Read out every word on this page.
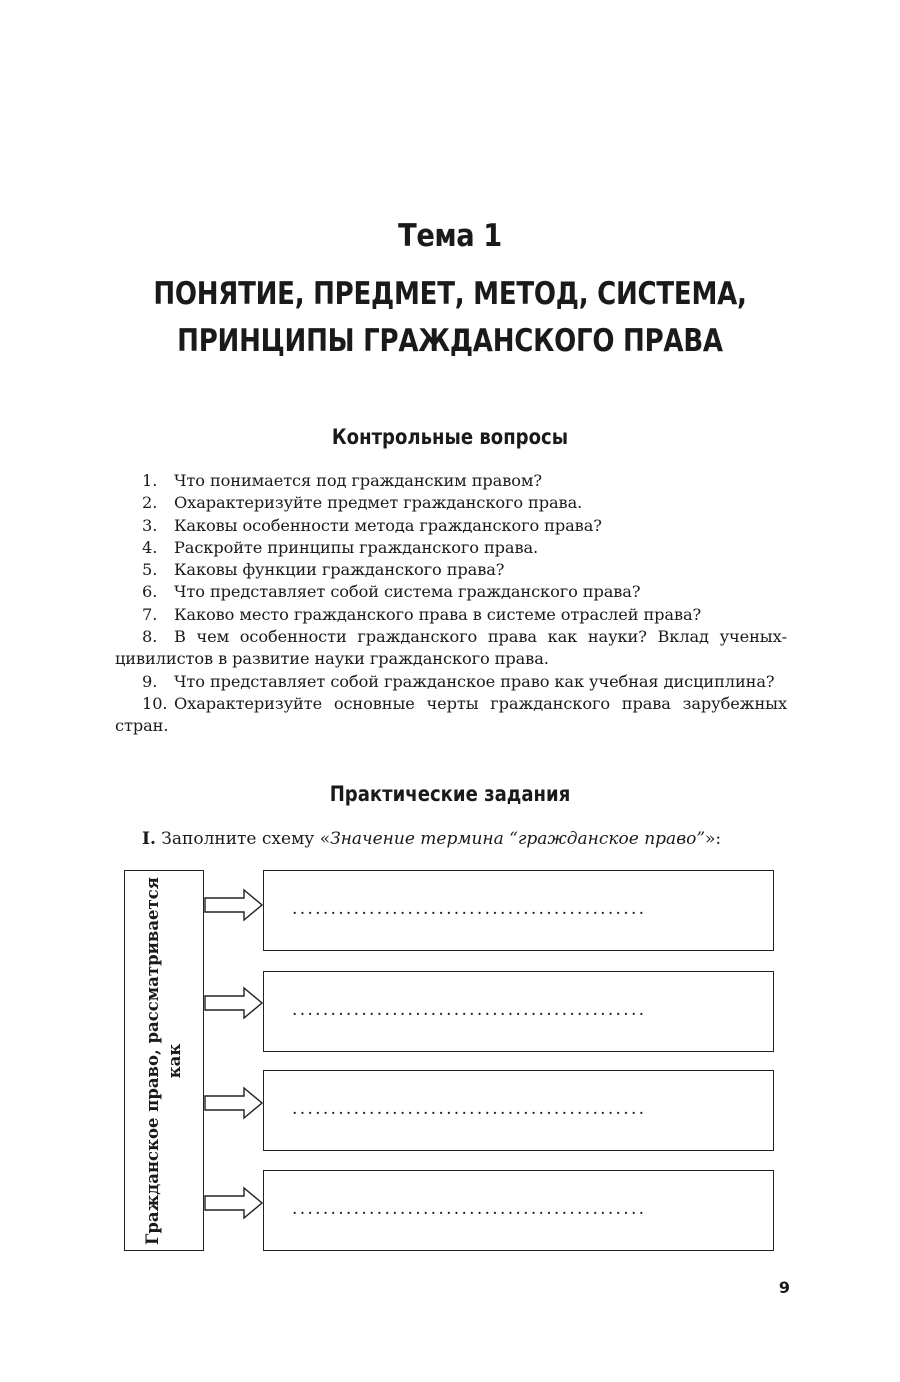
Тема 1
ПОНЯТИЕ, ПРЕДМЕТ, МЕТОД, СИСТЕМА,
ПРИНЦИПЫ ГРАЖДАНСКОГО ПРАВА
Контрольные вопросы
1. Что понимается под гражданским правом?
2. Охарактеризуйте предмет гражданского права.
3. Каковы особенности метода гражданского права?
4. Раскройте принципы гражданского права.
5. Каковы функции гражданского права?
6. Что представляет собой система гражданского права?
7. Каково место гражданского права в системе отраслей права?
8. В чем особенности гражданского права как науки? Вклад ученых-цивилистов в развитие науки гражданского права.
9. Что представляет собой гражданское право как учебная дисциплина?
10. Охарактеризуйте основные черты гражданского права зарубежных стран.
Практические задания
I. Заполните схему «Значение термина “гражданское право”»:
Гражданское право, рассматривается как
..............................................
..............................................
..............................................
..............................................
9
